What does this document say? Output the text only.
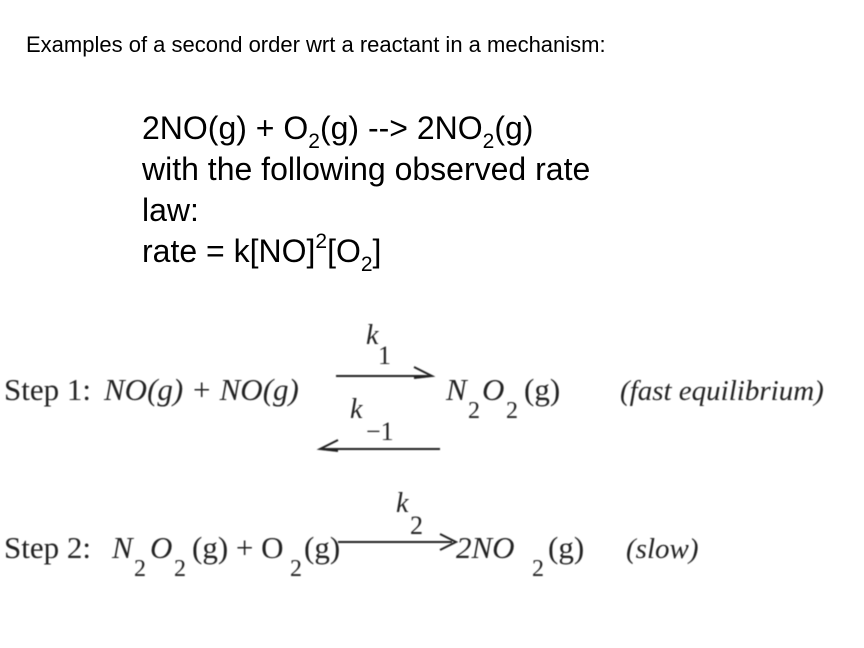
Examples of a second order wrt a reactant in a mechanism:
$2NO(g) + O_2(g)$ --> $2NO_2(g)$
with the following observed rate
law:
rate = $k[NO]^2[O_2]$
Step 1: NO(g) + NO(g)
k
1
k
−1
N
2
O
2
(g) (fast equilibrium)
Step 2: N
2
O
2
(g) + O
2
(g)
k
2
2NO
2
(g) (slow)
